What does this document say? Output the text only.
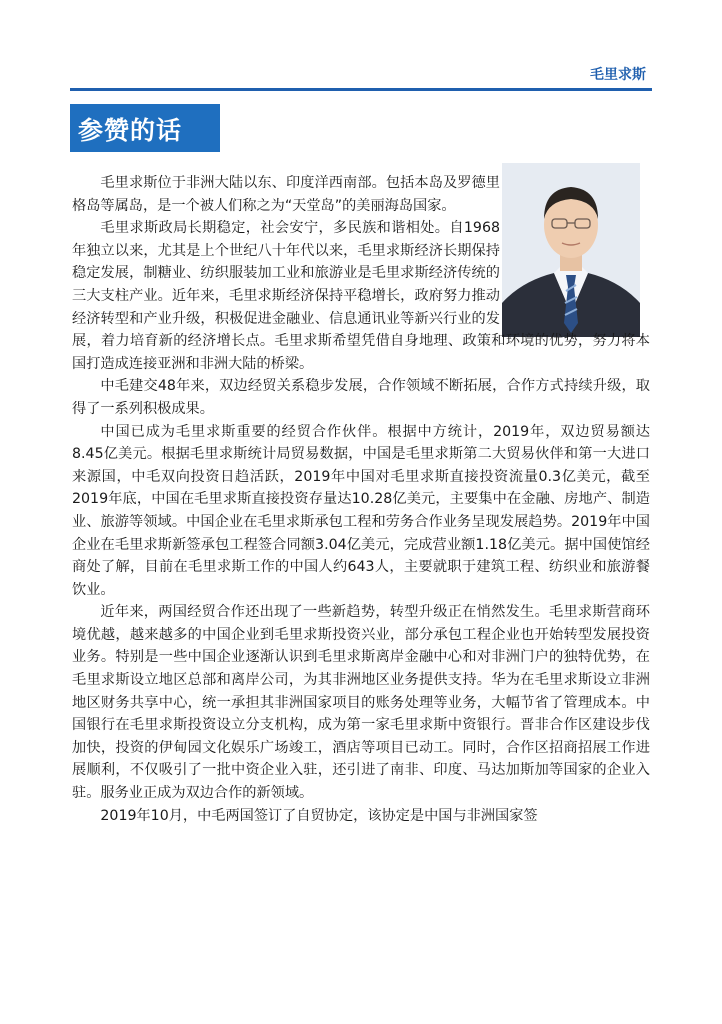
毛里求斯
参赞的话

毛里求斯位于非洲大陆以东、印度洋西南部。包括本岛及罗德里格岛等属岛，是一个被人们称之为“天堂岛”的美丽海岛国家。

毛里求斯政局长期稳定，社会安宁，多民族和谐相处。自1968年独立以来，尤其是上个世纪八十年代以来，毛里求斯经济长期保持稳定发展，制糖业、纺织服装加工业和旅游业是毛里求斯经济传统的三大支柱产业。近年来，毛里求斯经济保持平稳增长，政府努力推动经济转型和产业升级，积极促进金融业、信息通讯业等新兴行业的发展，着力培育新的经济增长点。毛里求斯希望凭借自身地理、政策和环境的优势，努力将本国打造成连接亚洲和非洲大陆的桥梁。

中毛建交48年来，双边经贸关系稳步发展，合作领域不断拓展，合作方式持续升级，取得了一系列积极成果。

中国已成为毛里求斯重要的经贸合作伙伴。根据中方统计，2019年，双边贸易额达8.45亿美元。根据毛里求斯统计局贸易数据，中国是毛里求斯第二大贸易伙伴和第一大进口来源国，中毛双向投资日趋活跃，2019年中国对毛里求斯直接投资流量0.3亿美元，截至2019年底，中国在毛里求斯直接投资存量达10.28亿美元，主要集中在金融、房地产、制造业、旅游等领域。中国企业在毛里求斯承包工程和劳务合作业务呈现发展趋势。2019年中国企业在毛里求斯新签承包工程签合同额3.04亿美元，完成营业额1.18亿美元。据中国使馆经商处了解，目前在毛里求斯工作的中国人约643人，主要就职于建筑工程、纺织业和旅游餐饮业。

近年来，两国经贸合作还出现了一些新趋势，转型升级正在悄然发生。毛里求斯营商环境优越，越来越多的中国企业到毛里求斯投资兴业，部分承包工程企业也开始转型发展投资业务。特别是一些中国企业逐渐认识到毛里求斯离岸金融中心和对非洲门户的独特优势，在毛里求斯设立地区总部和离岸公司，为其非洲地区业务提供支持。华为在毛里求斯设立非洲地区财务共享中心，统一承担其非洲国家项目的账务处理等业务，大幅节省了管理成本。中国银行在毛里求斯投资设立分支机构，成为第一家毛里求斯中资银行。晋非合作区建设步伐加快，投资的伊甸园文化娱乐广场竣工，酒店等项目已动工。同时，合作区招商招展工作进展顺利，不仅吸引了一批中资企业入驻，还引进了南非、印度、马达加斯加等国家的企业入驻。服务业正成为双边合作的新领域。

2019年10月，中毛两国签订了自贸协定，该协定是中国与非洲国家签
